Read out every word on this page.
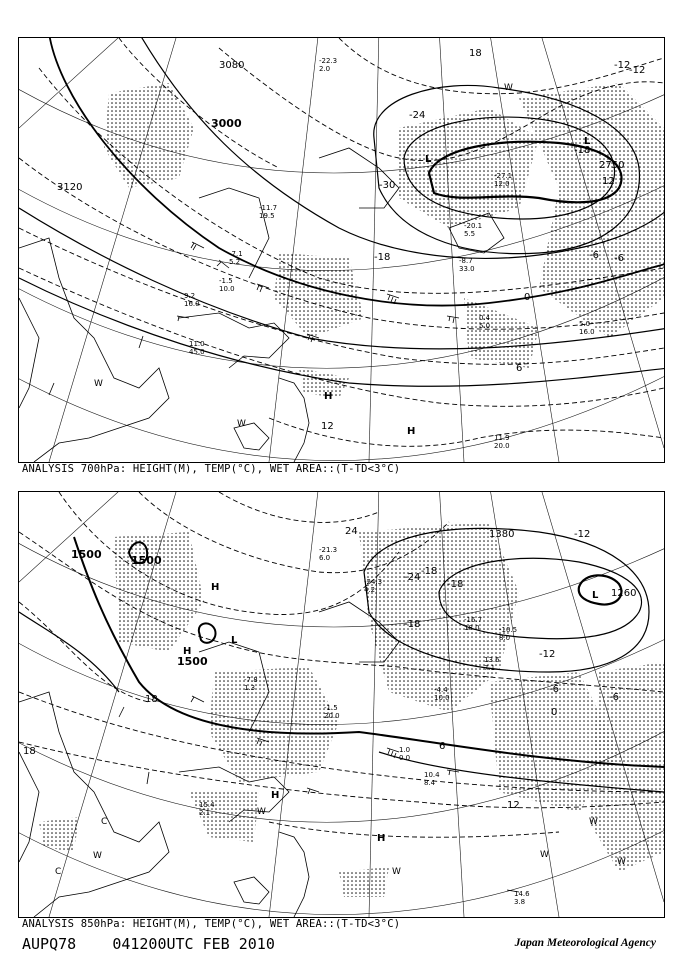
-22.3
2.0
-27.1
12.0
-11.7
19.5
-7.1
5.2
-1.5
10.0
9.2
16.0
11.0
45.0
5.0
16.0
0.4
5.0
11.9
20.0
-8.7
33.0
-20.1
5.5
3000
3120
2750
3080
-30
-24
-18
-12
-6
0
6
12
12
18
-18
-12
-6
L
L
H
H
W
W
W
ANALYSIS 700hPa: HEIGHT(M), TEMP(°C), WET AREA::(T-TD<3°C)
-21.3
6.0
-24.3
4.2
-10.5
8.0
-4.4
10.0
-7.8
1.3
-1.5
20.0
1.0
0.0
10.4
8.4
15.4
2.1
14.6
3.8
13.6
7.1
-16.7
18.0
1500	1500
1500
1260
1380
-24
-18
-12
-6
0
6
12
18
18
24
-18
-18
-12
-6
L
L
H
H
H
H
W
W
W
W
W
W
C
C
ANALYSIS 850hPa: HEIGHT(M), TEMP(°C), WET AREA::(T-TD<3°C)
AUPQ78 041200UTC FEB 2010	Japan Meteorological Agency
